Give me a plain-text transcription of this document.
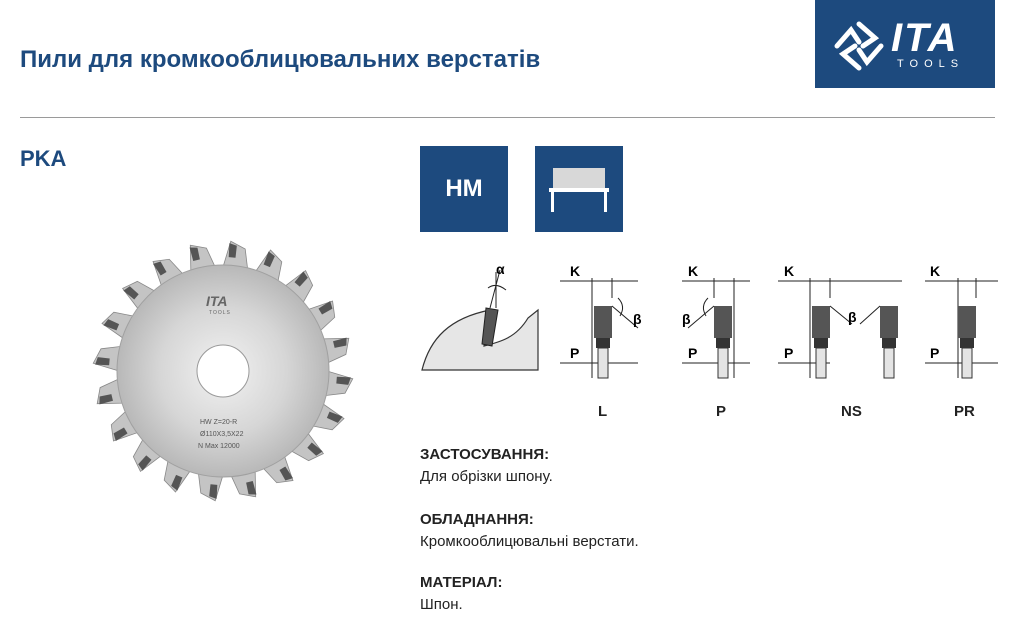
Пили для кромкооблицювальних верстатів	ITA
TOOLS
PKA
HM
ITA
TOOLS
HW Z=20-R
Ø110X3,5X22
N Max 12000
α	K
P
β
K
P
β
K
P
β
K
P
L	P	NS	PR
ЗАСТОСУВАННЯ:
Для обрізки шпону.
ОБЛАДНАННЯ:
Кромкооблицювальні верстати.
МАТЕРІАЛ:
Шпон.
